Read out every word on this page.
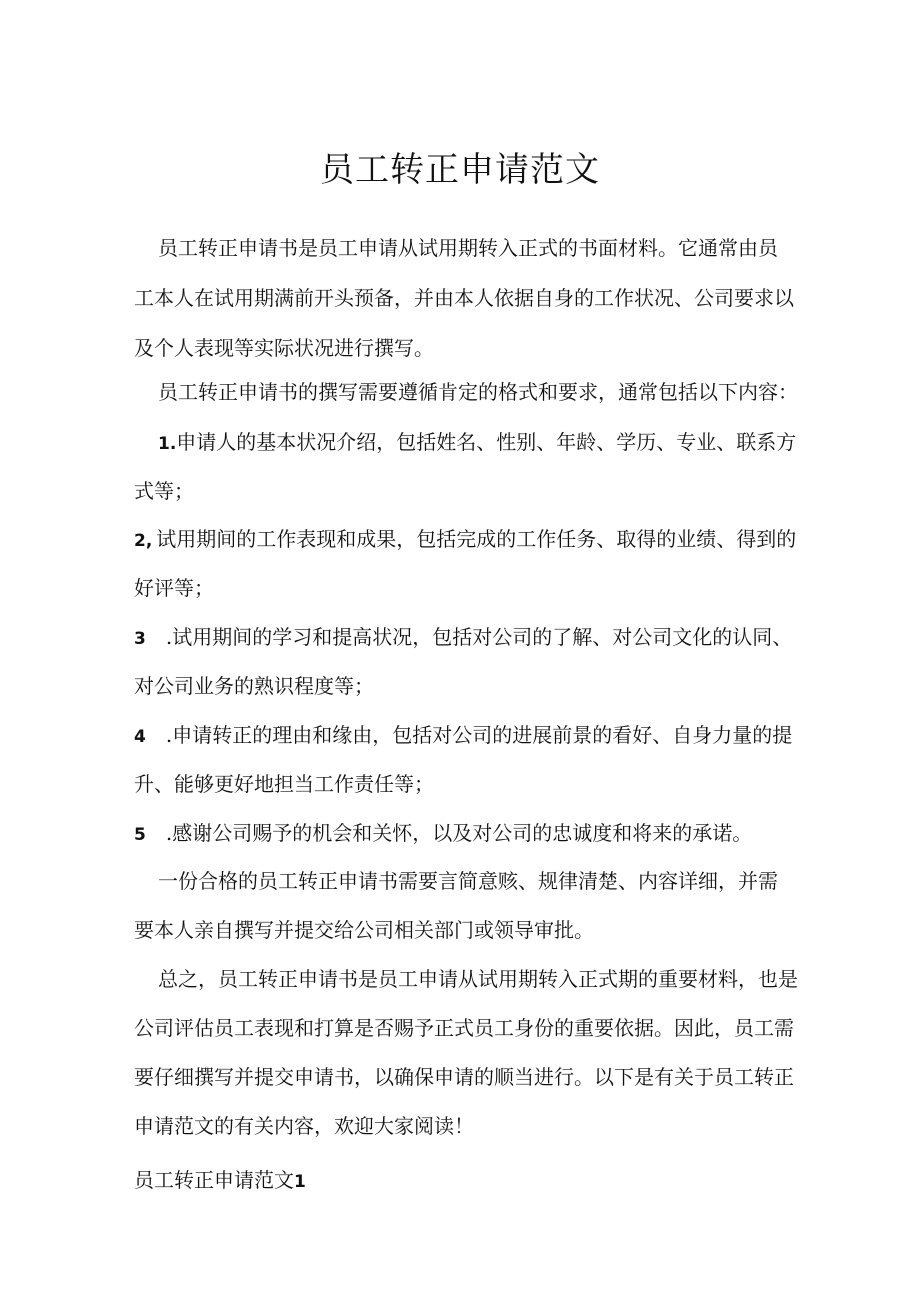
员工转正申请范文
员工转正申请书是员工申请从试用期转入正式的书面材料。它通常由员
工本人在试用期满前开头预备，并由本人依据自身的工作状况、公司要求以
及个人表现等实际状况进行撰写。
员工转正申请书的撰写需要遵循肯定的格式和要求，通常包括以下内容：
1.申请人的基本状况介绍，包括姓名、性别、年龄、学历、专业、联系方
式等；
2, 试用期间的工作表现和成果，包括完成的工作任务、取得的业绩、得到的
好评等；
3 .试用期间的学习和提高状况，包括对公司的了解、对公司文化的认同、
对公司业务的熟识程度等；
4 .申请转正的理由和缘由，包括对公司的进展前景的看好、自身力量的提
升、能够更好地担当工作责任等；
5 .感谢公司赐予的机会和关怀，以及对公司的忠诚度和将来的承诺。
一份合格的员工转正申请书需要言简意赅、规律清楚、内容详细，并需
要本人亲自撰写并提交给公司相关部门或领导审批。
总之，员工转正申请书是员工申请从试用期转入正式期的重要材料，也是
公司评估员工表现和打算是否赐予正式员工身份的重要依据。因此，员工需
要仔细撰写并提交申请书，以确保申请的顺当进行。以下是有关于员工转正
申请范文的有关内容，欢迎大家阅读！
员工转正申请范文1
